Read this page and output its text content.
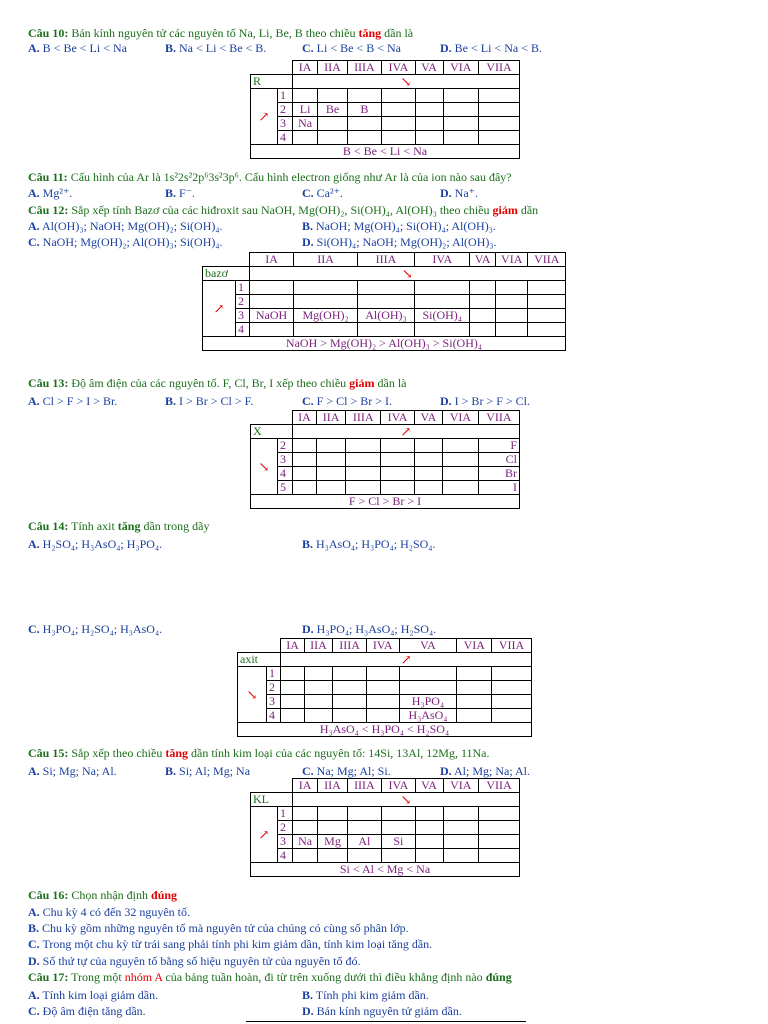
Câu 10: Bán kính nguyên tử các nguyên tố Na, Li, Be, B theo chiều tăng dần là
A. B < Be < Li < Na	B. Na < Li < Be < B.	C. Li < Be < B < Na	D. Be < Li < Na < B.
		IA	IIA	IIIA	IVA	VA	VIA	VIIA
R		↘						
↗	1							
	2	Li	Be	B				
	3	Na						
	4							
B < Be < Li < Na								
Câu 11: Cấu hình của Ar là 1s²2s²2p⁶3s²3p⁶. Cấu hình electron giống như Ar là của ion nào sau đây?
A. Mg²⁺.	B. F⁻.	C. Ca²⁺.	D. Na⁺.
Câu 12: Sắp xếp tính Bazơ của các hiđroxit sau NaOH, Mg(OH)₂, Si(OH)₄, Al(OH)₃ theo chiều giảm dần
A. Al(OH)₃; NaOH; Mg(OH)₂; Si(OH)₄.	B. NaOH; Mg(OH)₄; Si(OH)₄; Al(OH)₃.
C. NaOH; Mg(OH)₂; Al(OH)₃; Si(OH)₄.	D. Si(OH)₄; NaOH; Mg(OH)₂; Al(OH)₃.
		IA	IIA	IIIA	IVA	VA	VIA	VIIA
bazơ		↘						
↗	1							
	2							
	3	NaOH	Mg(OH)₂	Al(OH)₃	Si(OH)₄			
	4							
NaOH > Mg(OH)₂ > Al(OH)₃ > Si(OH)₄								
Câu 13: Độ âm điện của các nguyên tố. F, Cl, Br, I xếp theo chiều giảm dần là
A. Cl > F > I > Br.	B. I > Br > Cl > F.	C. F > Cl > Br > I.	D. I > Br > F > Cl.
		IA	IIA	IIIA	IVA	VA	VIA	VIIA
X		↗						
↘	2							F
	3							Cl
	4							Br
	5							I
F > Cl > Br > I								
Câu 14: Tính axit tăng dần trong dãy
A. H₂SO₄; H₃AsO₄; H₃PO₄.	B. H₃AsO₄; H₃PO₄; H₂SO₄.
C. H₃PO₄; H₂SO₄; H₃AsO₄.	D. H₃PO₄; H₃AsO₄; H₂SO₄.
		IA	IIA	IIIA	IVA	VA	VIA	VIIA
axit		↗						
↘	1							
	2							
	3					H₃PO₄		
	4					H₃AsO₄		
H₃AsO₄ < H₃PO₄ < H₂SO₄								
Câu 15: Sắp xếp theo chiều tăng dần tính kim loại của các nguyên tố: 14Si, 13Al, 12Mg, 11Na.
A. Si; Mg; Na; Al.	B. Si; Al; Mg; Na	C. Na; Mg; Al; Si.	D. Al; Mg; Na; Al.
		IA	IIA	IIIA	IVA	VA	VIA	VIIA
KL		↘						
↗	1							
	2							
	3	Na	Mg	Al	Si			
	4							
Si < Al < Mg < Na								
Câu 16: Chọn nhận định đúng
A. Chu kỳ 4 có đến 32 nguyên tố.
B. Chu kỳ gồm những nguyên tố mà nguyên tử của chúng có cùng số phân lớp.
C. Trong một chu kỳ từ trái sang phải tính phi kim giảm dần, tính kim loại tăng dần.
D. Số thứ tự của nguyên tố bằng số hiệu nguyên tử của nguyên tố đó.
Câu 17: Trong một nhóm A của bảng tuần hoàn, đi từ trên xuống dưới thì điều khẳng định nào đúng
A. Tính kim loại giảm dần.	B. Tính phi kim giảm dần.
C. Độ âm điện tăng dần.	D. Bán kính nguyên tử giảm dần.
